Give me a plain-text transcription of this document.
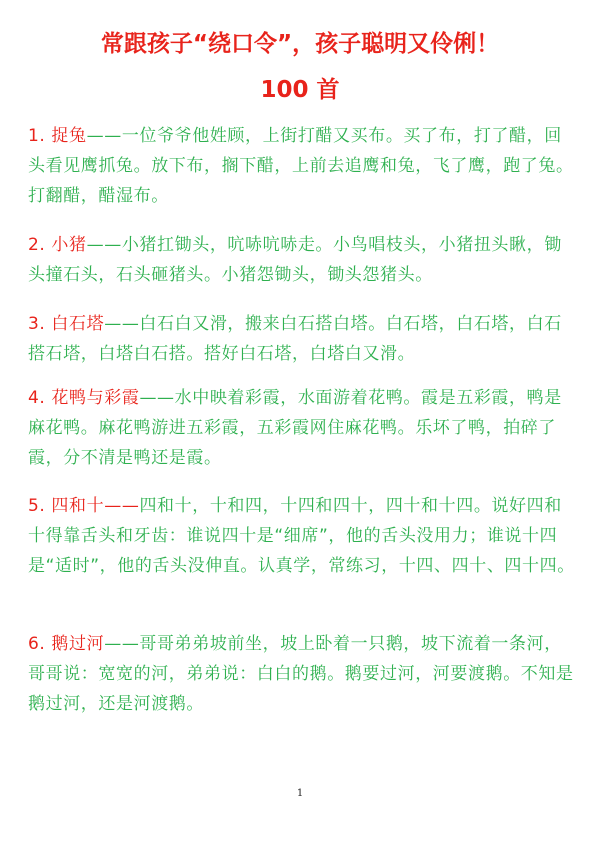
常跟孩子“绕口令”，孩子聪明又伶俐！
100 首

1. 捉兔——一位爷爷他姓顾，上街打醋又买布。买了布，打了醋，回头看见鹰抓兔。放下布，搁下醋，上前去追鹰和兔，飞了鹰，跑了兔。打翻醋，醋湿布。

2. 小猪——小猪扛锄头，吭哧吭哧走。小鸟唱枝头，小猪扭头瞅，锄头撞石头，石头砸猪头。小猪怨锄头，锄头怨猪头。

3. 白石塔——白石白又滑，搬来白石搭白塔。白石塔，白石塔，白石搭石塔，白塔白石搭。搭好白石塔，白塔白又滑。

4. 花鸭与彩霞——水中映着彩霞，水面游着花鸭。霞是五彩霞，鸭是麻花鸭。麻花鸭游进五彩霞，五彩霞网住麻花鸭。乐坏了鸭，拍碎了霞，分不清是鸭还是霞。

5. 四和十——四和十，十和四，十四和四十，四十和十四。说好四和十得靠舌头和牙齿：谁说四十是“细席”，他的舌头没用力；谁说十四是“适时”，他的舌头没伸直。认真学，常练习，十四、四十、四十四。

6. 鹅过河——哥哥弟弟坡前坐，坡上卧着一只鹅，坡下流着一条河，哥哥说：宽宽的河，弟弟说：白白的鹅。鹅要过河，河要渡鹅。不知是鹅过河，还是河渡鹅。

1
